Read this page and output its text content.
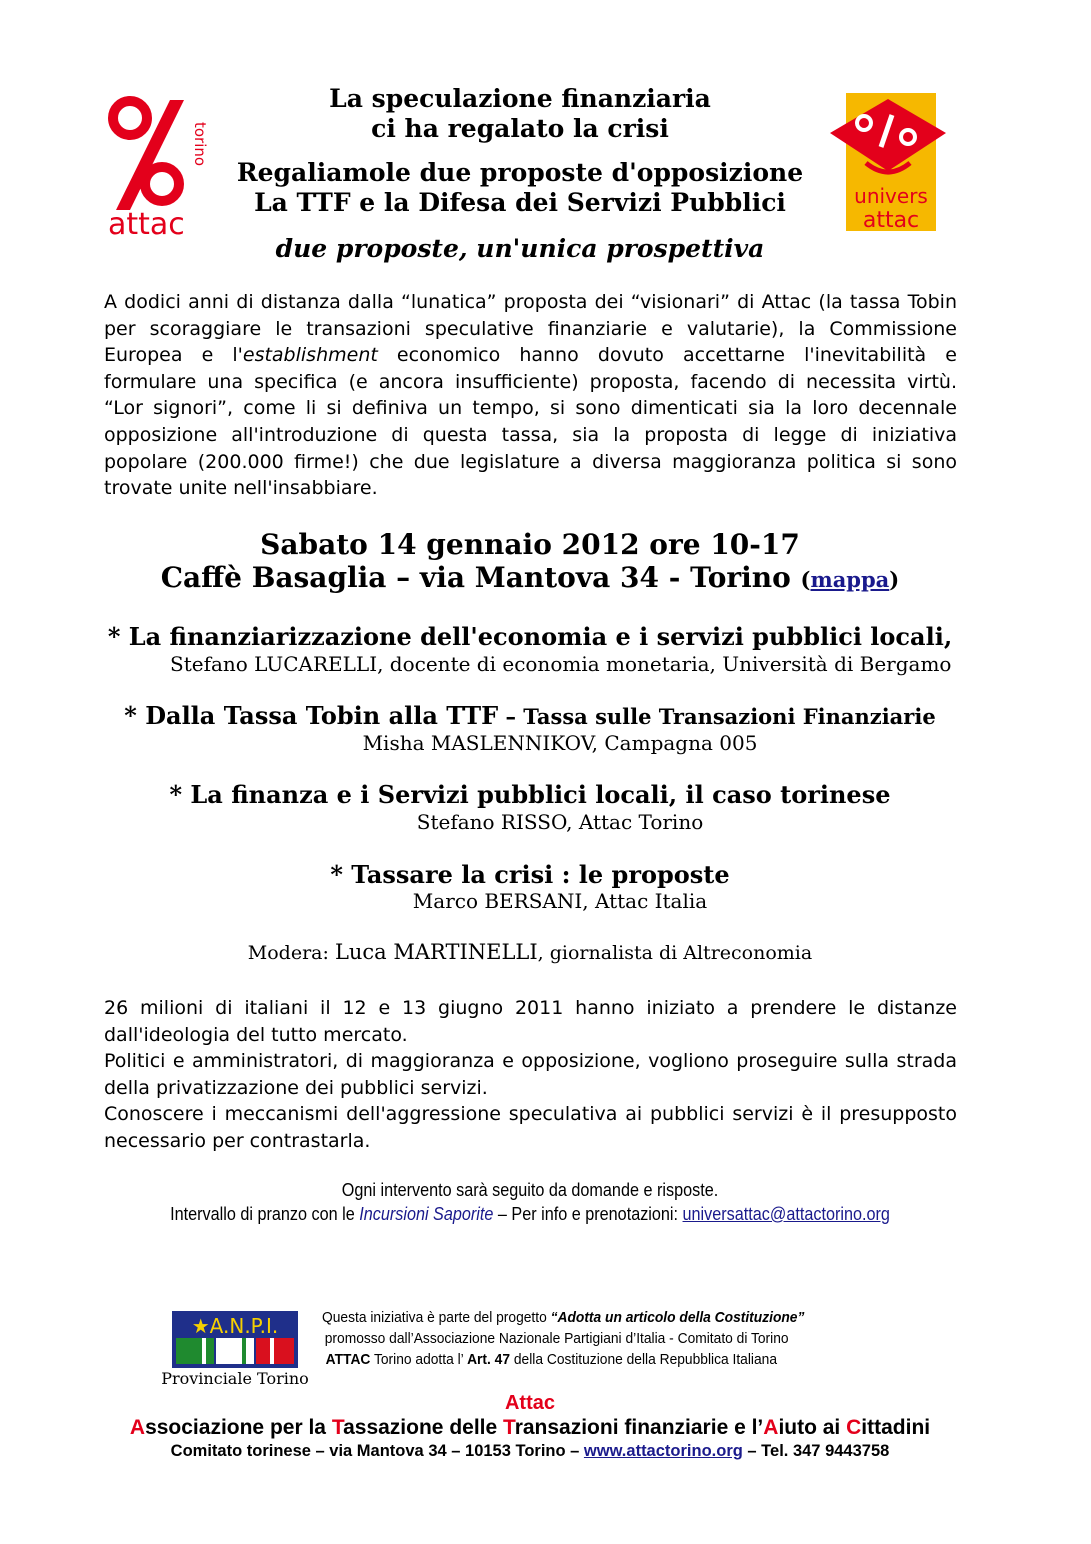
torino
attac
univers
attac
La speculazione finanziaria
ci ha regalato la crisi
Regaliamole due proposte d'opposizione
La TTF e la Difesa dei Servizi Pubblici
due proposte, un'unica prospettiva
A dodici anni di distanza dalla “lunatica” proposta dei “visionari” di Attac (la tassa Tobin
per scoraggiare le transazioni speculative finanziarie e valutarie), la Commissione
Europea e l'establishment economico hanno dovuto accettarne l'inevitabilità e
formulare una specifica (e ancora insufficiente) proposta, facendo di necessita virtù.
“Lor signori”, come li si definiva un tempo, si sono dimenticati sia la loro decennale
opposizione all'introduzione di questa tassa, sia la proposta di legge di iniziativa
popolare (200.000 firme!) che due legislature a diversa maggioranza politica si sono
trovate unite nell'insabbiare.
Sabato 14 gennaio 2012 ore 10-17
Caffè Basaglia – via Mantova 34 - Torino (mappa)
* La finanziarizzazione dell'economia e i servizi pubblici locali,
Stefano LUCARELLI, docente di economia monetaria, Università di Bergamo
* Dalla Tassa Tobin alla TTF – Tassa sulle Transazioni Finanziarie
Misha MASLENNIKOV, Campagna 005
* La finanza e i Servizi pubblici locali, il caso torinese
Stefano RISSO, Attac Torino
* Tassare la crisi : le proposte
Marco BERSANI, Attac Italia
Modera: Luca MARTINELLI, giornalista di Altreconomia
26 milioni di italiani il 12 e 13 giugno 2011 hanno iniziato a prendere le distanze
dall'ideologia del tutto mercato.
Politici e amministratori, di maggioranza e opposizione, vogliono proseguire sulla strada
della privatizzazione dei pubblici servizi.
Conoscere i meccanismi dell'aggressione speculativa ai pubblici servizi è il presupposto
necessario per contrastarla.
Ogni intervento sarà seguito da domande e risposte.
Intervallo di pranzo con le Incursioni Saporite – Per info e prenotazioni: universattac@attactorino.org
★A.N.P.I.
Provinciale Torino
Questa iniziativa è parte del progetto “Adotta un articolo della Costituzione”
promosso dall’Associazione Nazionale Partigiani d’Italia - Comitato di Torino
ATTAC Torino adotta l’ Art. 47 della Costituzione della Repubblica Italiana
Attac
Associazione per la Tassazione delle Transazioni finanziarie e l’Aiuto ai Cittadini
Comitato torinese – via Mantova 34 – 10153 Torino – www.attactorino.org – Tel. 347 9443758
